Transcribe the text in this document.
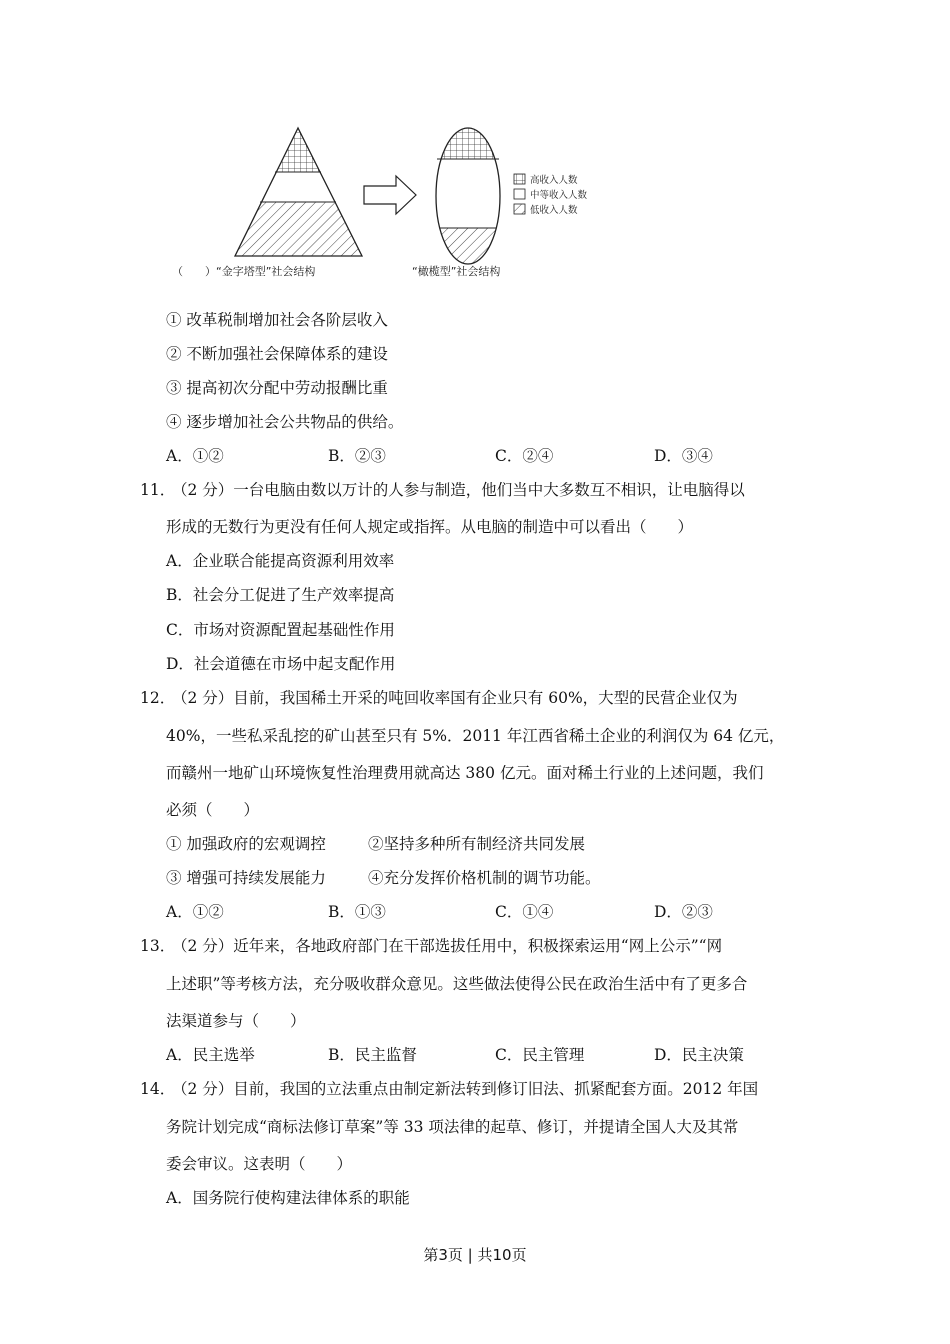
高收入人数
中等收入人数
低收入人数
（　　）“金字塔型”社会结构	“橄榄型”社会结构
① 改革税制增加社会各阶层收入
② 不断加强社会保障体系的建设
③ 提高初次分配中劳动报酬比重
④ 逐步增加社会公共物品的供给。
A．①②	B．②③	C．②④	D．③④
11．
（2 分）一台电脑由数以万计的人参与制造，他们当中大多数互不相识，让电脑得以
形成的无数行为更没有任何人规定或指挥。从电脑的制造中可以看出（　　）
A．企业联合能提高资源利用效率
B．社会分工促进了生产效率提高
C．市场对资源配置起基础性作用
D．社会道德在市场中起支配作用
12．
（2 分）目前，我国稀土开采的吨回收率国有企业只有 60%，大型的民营企业仅为
40%，一些私采乱挖的矿山甚至只有 5%．2011 年江西省稀土企业的利润仅为 64 亿元，
而赣州一地矿山环境恢复性治理费用就高达 380 亿元。面对稀土行业的上述问题，我们
必须（　　）
① 加强政府的宏观调控	②坚持多种所有制经济共同发展
③ 增强可持续发展能力	④充分发挥价格机制的调节功能。
A．①②	B．①③	C．①④	D．②③
13．
（2 分）近年来，各地政府部门在干部选拔任用中，积极探索运用“网上公示”“网
上述职”等考核方法，充分吸收群众意见。这些做法使得公民在政治生活中有了更多合
法渠道参与（　　）
A．民主选举	B．民主监督	C．民主管理	D．民主决策
14．
（2 分）目前，我国的立法重点由制定新法转到修订旧法、抓紧配套方面。2012 年国
务院计划完成“商标法修订草案”等 33 项法律的起草、修订，并提请全国人大及其常
委会审议。这表明（　　）
A．国务院行使构建法律体系的职能
第3页 | 共10页
